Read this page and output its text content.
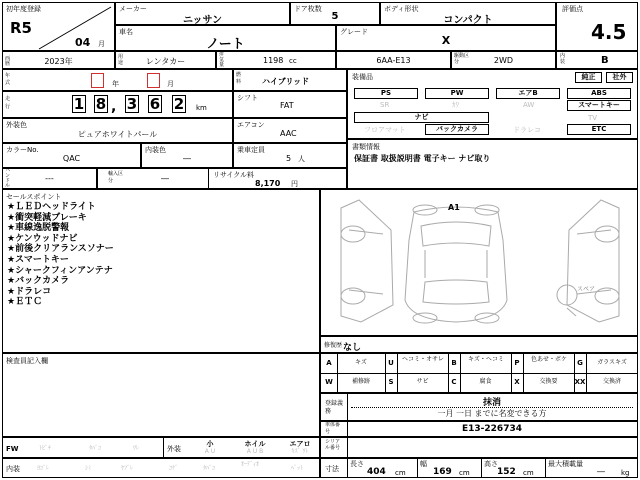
初年度登録
R5
04 月
メーカー
ニッサン
ドア枚数
5
ボディ形状
コンパクト
評価点
4.5
車名
ノート
グレード
X
西暦	2023年	用途	レンタカー
排気量	1198 cc	6AA-E13	駆動区分	2WD	内装	B
年式	年	月
走行	1 8 , 3 6 2 km
燃料	ハイブリッド
シフト
FAT
外装色
ピュアホワイトパール
エアコン
AAC
カラーNo.
QAC
内装色
―
乗車定員
5 人
ハンドル
---	輸入区分	―	リサイクル料
8,170 円
装備品	純正	社外
PS	PW	エアB	ABS
SR	ｶﾜ	AW	スマートキー
ナビ	TV
フロアマット	バックカメラ	ドラレコ	ETC
書類情報
保証書 取扱説明書 電子キー ナビ取り
セールスポイント
★ＬＥＤヘッドライト
★衝突軽減ブレーキ
★車線逸脱警報
★ケンウッドナビ
★前後クリアランスソナー
★スマートキー
★シャークフィンアンテナ
★バックカメラ
★ドラレコ
★ＥＴＣ
A1
スペア
検査員記入欄
修復歴 なし
A	キズ	U	ヘコミ・オサレ	B	キズ・ヘコミ	P	色あせ・ボケ	G	ガラスキズ
W	補修跡	S	サビ	C	腐食	X	交換要	XX	交換済
登録義務
抹消
一月 一日 までに名変できる方
車体番号	E13-226734
シリアル番号
FW	ﾄﾋﾞﾁ	ﾀﾊﾞｺ	ﾜﾚ	外装
小
A U
ホイル
A U B
エアロ
ｷｽﾞ ﾜﾚ
内装	ﾖｺﾞﾚ	ｼﾐ	ﾔﾌﾞﾚ	ｺｹﾞ	ﾀﾊﾞｺ
ｵｰﾃﾞｨｵ
ﾍﾟｯﾄ	寸法
長さ
404 cm
幅
169 cm
高さ
152 cm
最大積載量
― kg
